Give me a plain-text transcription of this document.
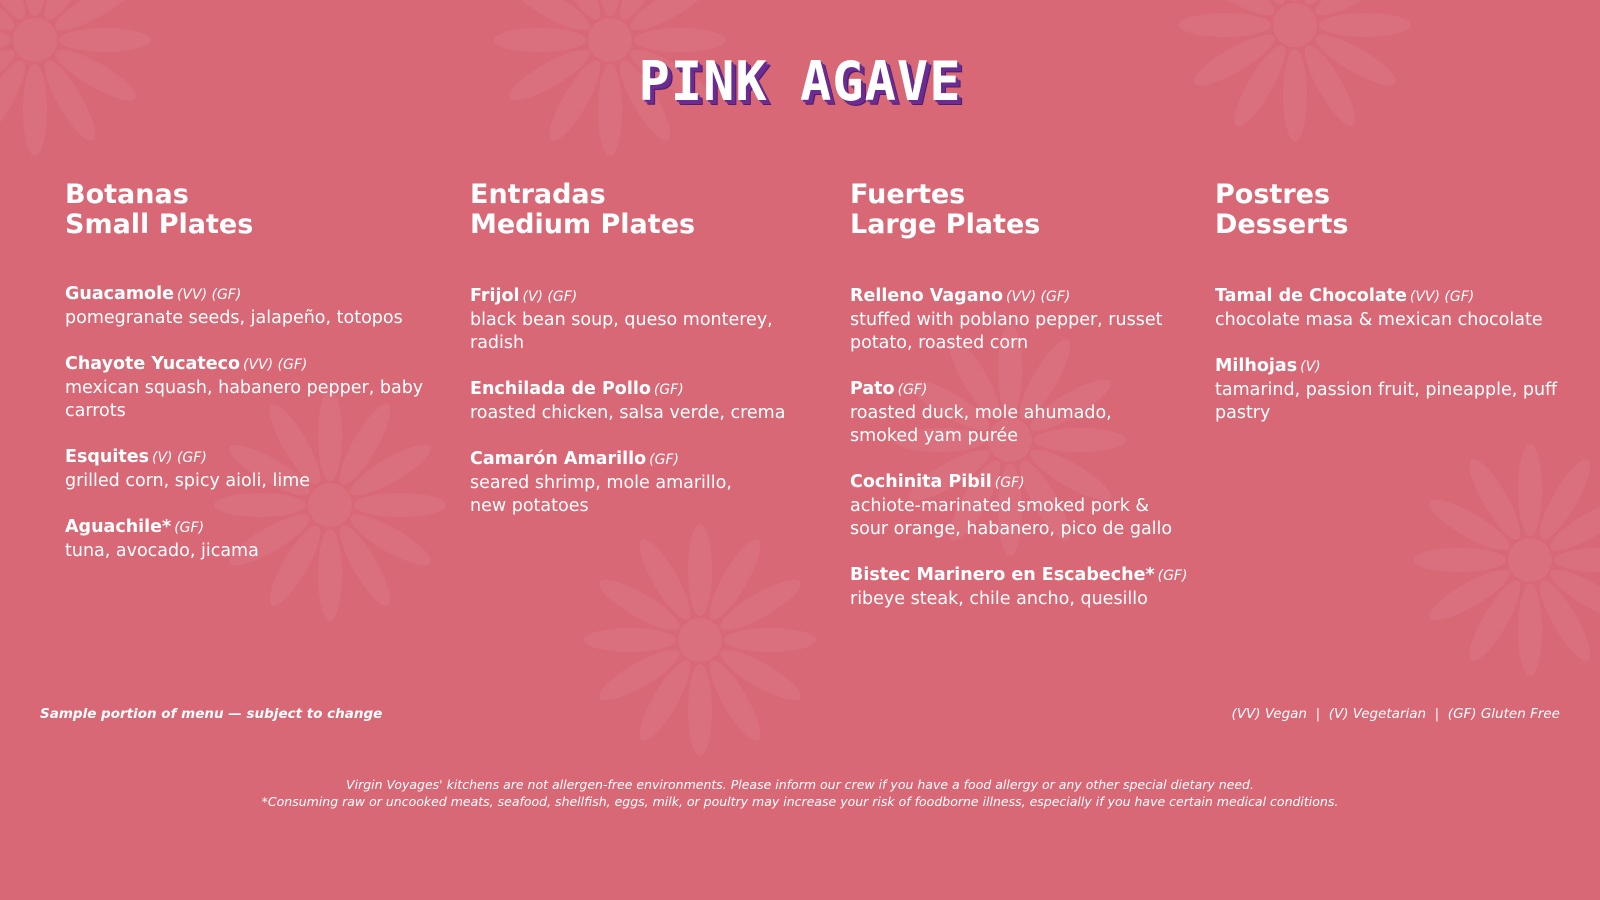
PINK AGAVE
Botanas
Small Plates
Guacamole (VV) (GF)
pomegranate seeds, jalapeño, totopos
Chayote Yucateco (VV) (GF)
mexican squash, habanero pepper, baby carrots
Esquites (V) (GF)
grilled corn, spicy aioli, lime
Aguachile* (GF)
tuna, avocado, jicama
Entradas
Medium Plates
Frijol (V) (GF)
black bean soup, queso monterey, radish
Enchilada de Pollo (GF)
roasted chicken, salsa verde, crema
Camarón Amarillo (GF)
seared shrimp, mole amarillo, new potatoes
Fuertes
Large Plates
Relleno Vagano (VV) (GF)
stuffed with poblano pepper, russet potato, roasted corn
Pato (GF)
roasted duck, mole ahumado, smoked yam purée
Cochinita Pibil (GF)
achiote-marinated smoked pork & sour orange, habanero, pico de gallo
Bistec Marinero en Escabeche* (GF)
ribeye steak, chile ancho, quesillo
Postres
Desserts
Tamal de Chocolate (VV) (GF)
chocolate masa & mexican chocolate
Milhojas (V)
tamarind, passion fruit, pineapple, puff pastry
Sample portion of menu — subject to change	(VV) Vegan  |  (V) Vegetarian  |  (GF) Gluten Free
Virgin Voyages' kitchens are not allergen-free environments. Please inform our crew if you have a food allergy or any other special dietary need.
*Consuming raw or uncooked meats, seafood, shellfish, eggs, milk, or poultry may increase your risk of foodborne illness, especially if you have certain medical conditions.
